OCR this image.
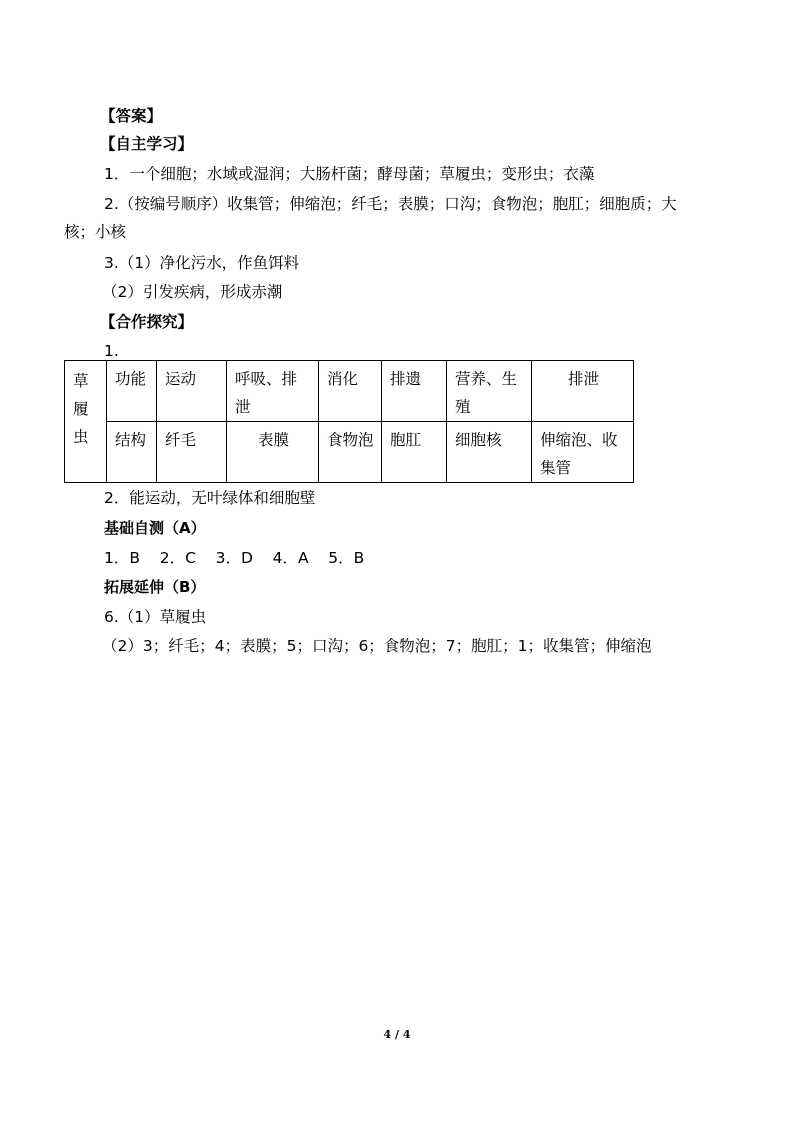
【答案】
【自主学习】
1．一个细胞；水域或湿润；大肠杆菌；酵母菌；草履虫；变形虫；衣藻
2.（按编号顺序）收集管；伸缩泡；纤毛；表膜；口沟；食物泡；胞肛；细胞质；大
核；小核
3.（1）净化污水，作鱼饵料
（2）引发疾病，形成赤潮
【合作探究】
1.
草履虫	功能	运动	呼吸、排泄	消化	排遗	营养、生殖	排泄
	结构	纤毛	表膜	食物泡	胞肛	细胞核	伸缩泡、收集管
2．能运动，无叶绿体和细胞壁
基础自测（A）
1．B    2．C    3．D    4．A    5．B
拓展延伸（B）
6.（1）草履虫
（2）3；纤毛；4；表膜；5；口沟；6；食物泡；7；胞肛；1；收集管；伸缩泡
4 / 4
